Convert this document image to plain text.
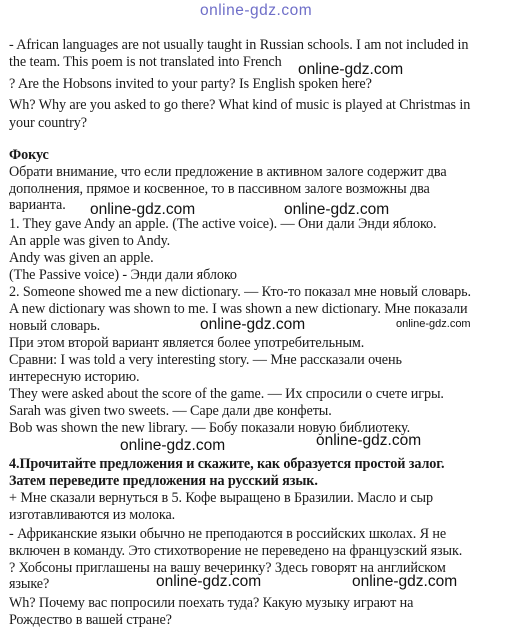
online-gdz.com
- African languages are not usually taught in Russian schools. I am not included in
the team. This poem is not translated into French
? Are the Hobsons invited to your party? Is English spoken here?
Wh? Why are you asked to go there? What kind of music is played at Christmas in
your country?
Фокус
Обрати внимание, что если предложение в активном залоге содержит два
дополнения, прямое и косвенное, то в пассивном залоге возможны два
варианта.
1. They gave Andy an apple. (The active voice). — Они дали Энди яблоко.
An apple was given to Andy.
Andy was given an apple.
(The Passive voice) - Энди дали яблоко
2. Someone showed me a new dictionary. — Кто-то показал мне новый словарь.
A new dictionary was shown to me. I was shown a new dictionary. Мне показали
новый словарь.
При этом второй вариант является более употребительным.
Сравни: I was told a very interesting story. — Мне рассказали очень
интересную историю.
They were asked about the score of the game. — Их спросили о счете игры.
Sarah was given two sweets. — Саре дали две конфеты.
Bob was shown the new library. — Бобу показали новую библиотеку.
4.Прочитайте предложения и скажите, как образуется простой залог.
Затем переведите предложения на русский язык.
+ Мне сказали вернуться в 5. Кофе выращено в Бразилии. Масло и сыр
изготавливаются из молока.
- Африканские языки обычно не преподаются в российских школах. Я не
включен в команду. Это стихотворение не переведено на французский язык.
? Хобсоны приглашены на вашу вечеринку? Здесь говорят на английском
языке?
Wh? Почему вас попросили поехать туда? Какую музыку играют на
Рождество в вашей стране?
online-gdz.com
online-gdz.com	online-gdz.com
online-gdz.com	online-gdz.com
online-gdz.com	online-gdz.com
online-gdz.com	online-gdz.com
